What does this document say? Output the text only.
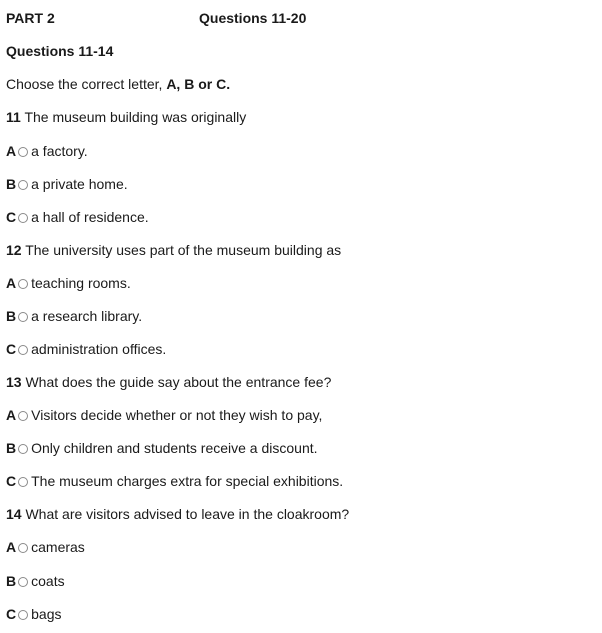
PART 2	Questions 11-20
Questions 11-14
Choose the correct letter, A, B or C.
11 The museum building was originally
A a factory.
B a private home.
C a hall of residence.
12 The university uses part of the museum building as
A teaching rooms.
B a research library.
C administration offices.
13 What does the guide say about the entrance fee?
A Visitors decide whether or not they wish to pay,
B Only children and students receive a discount.
C The museum charges extra for special exhibitions.
14 What are visitors advised to leave in the cloakroom?
A cameras
B coats
C bags
